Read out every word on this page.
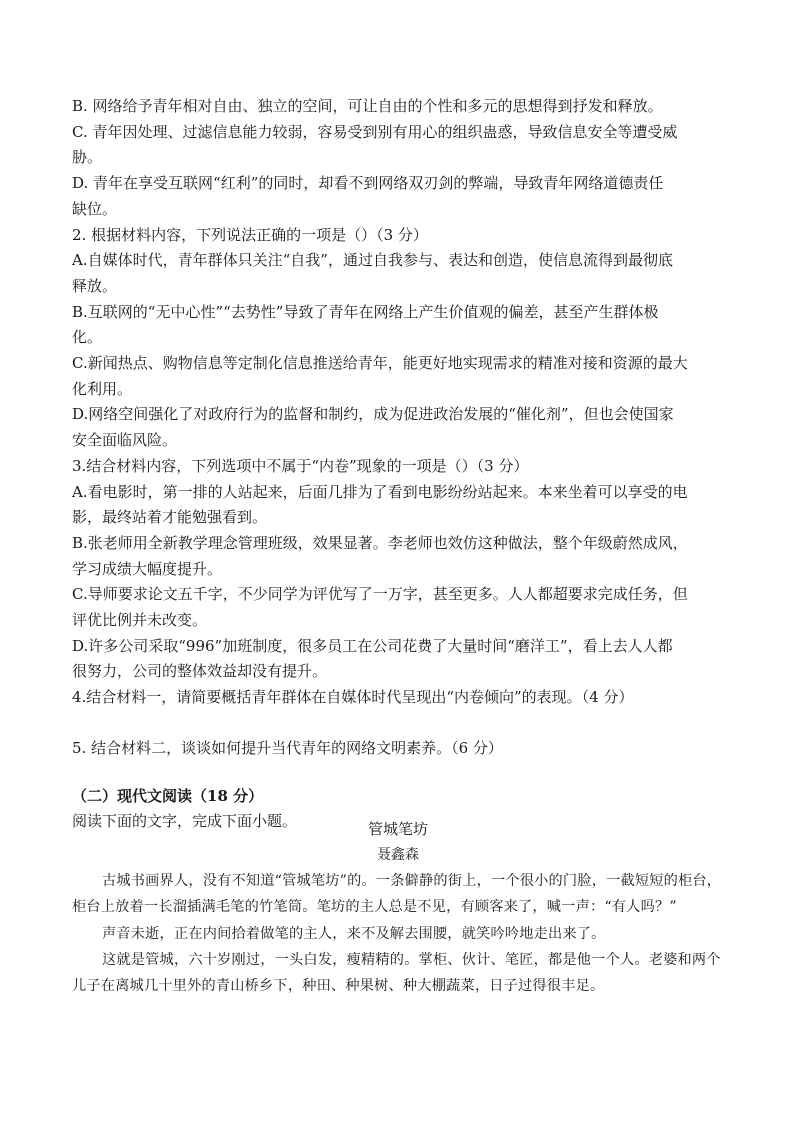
B. 网络给予青年相对自由、独立的空间，可让自由的个性和多元的思想得到抒发和释放。
C. 青年因处理、过滤信息能力较弱，容易受到别有用心的组织蛊惑，导致信息安全等遭受威
胁。
D. 青年在享受互联网“红利”的同时，却看不到网络双刃剑的弊端，导致青年网络道德责任
缺位。
2. 根据材料内容，下列说法正确的一项是（）（3 分）
A.自媒体时代，青年群体只关注“自我”，通过自我参与、表达和创造，使信息流得到最彻底
释放。
B.互联网的“无中心性”“去势性”导致了青年在网络上产生价值观的偏差，甚至产生群体极
化。
C.新闻热点、购物信息等定制化信息推送给青年，能更好地实现需求的精准对接和资源的最大
化利用。
D.网络空间强化了对政府行为的监督和制约，成为促进政治发展的“催化剂”，但也会使国家
安全面临风险。
3.结合材料内容，下列选项中不属于“内卷”现象的一项是（）（3 分）
A.看电影时，第一排的人站起来，后面几排为了看到电影纷纷站起来。本来坐着可以享受的电
影，最终站着才能勉强看到。
B.张老师用全新教学理念管理班级，效果显著。李老师也效仿这种做法，整个年级蔚然成风，
学习成绩大幅度提升。
C.导师要求论文五千字，不少同学为评优写了一万字，甚至更多。人人都超要求完成任务，但
评优比例并未改变。
D.许多公司采取“996”加班制度，很多员工在公司花费了大量时间“磨洋工”，看上去人人都
很努力，公司的整体效益却没有提升。
4.结合材料一，请简要概括青年群体在自媒体时代呈现出“内卷倾向”的表现。（4 分）
5. 结合材料二，谈谈如何提升当代青年的网络文明素养。（6 分）
（二）现代文阅读（18 分）
阅读下面的文字，完成下面小题。	管城笔坊
聂鑫森

古城书画界人，没有不知道“管城笔坊”的。一条僻静的街上，一个很小的门脸，一截短短的柜台，柜台上放着一长溜插满毛笔的竹笔筒。笔坊的主人总是不见，有顾客来了，喊一声：“有人吗？”

声音未逝，正在内间拾着做笔的主人，来不及解去围腰，就笑吟吟地走出来了。

这就是管城，六十岁刚过，一头白发，瘦精精的。掌柜、伙计、笔匠，都是他一个人。老婆和两个儿子在离城几十里外的青山桥乡下，种田、种果树、种大棚蔬菜，日子过得很丰足。
